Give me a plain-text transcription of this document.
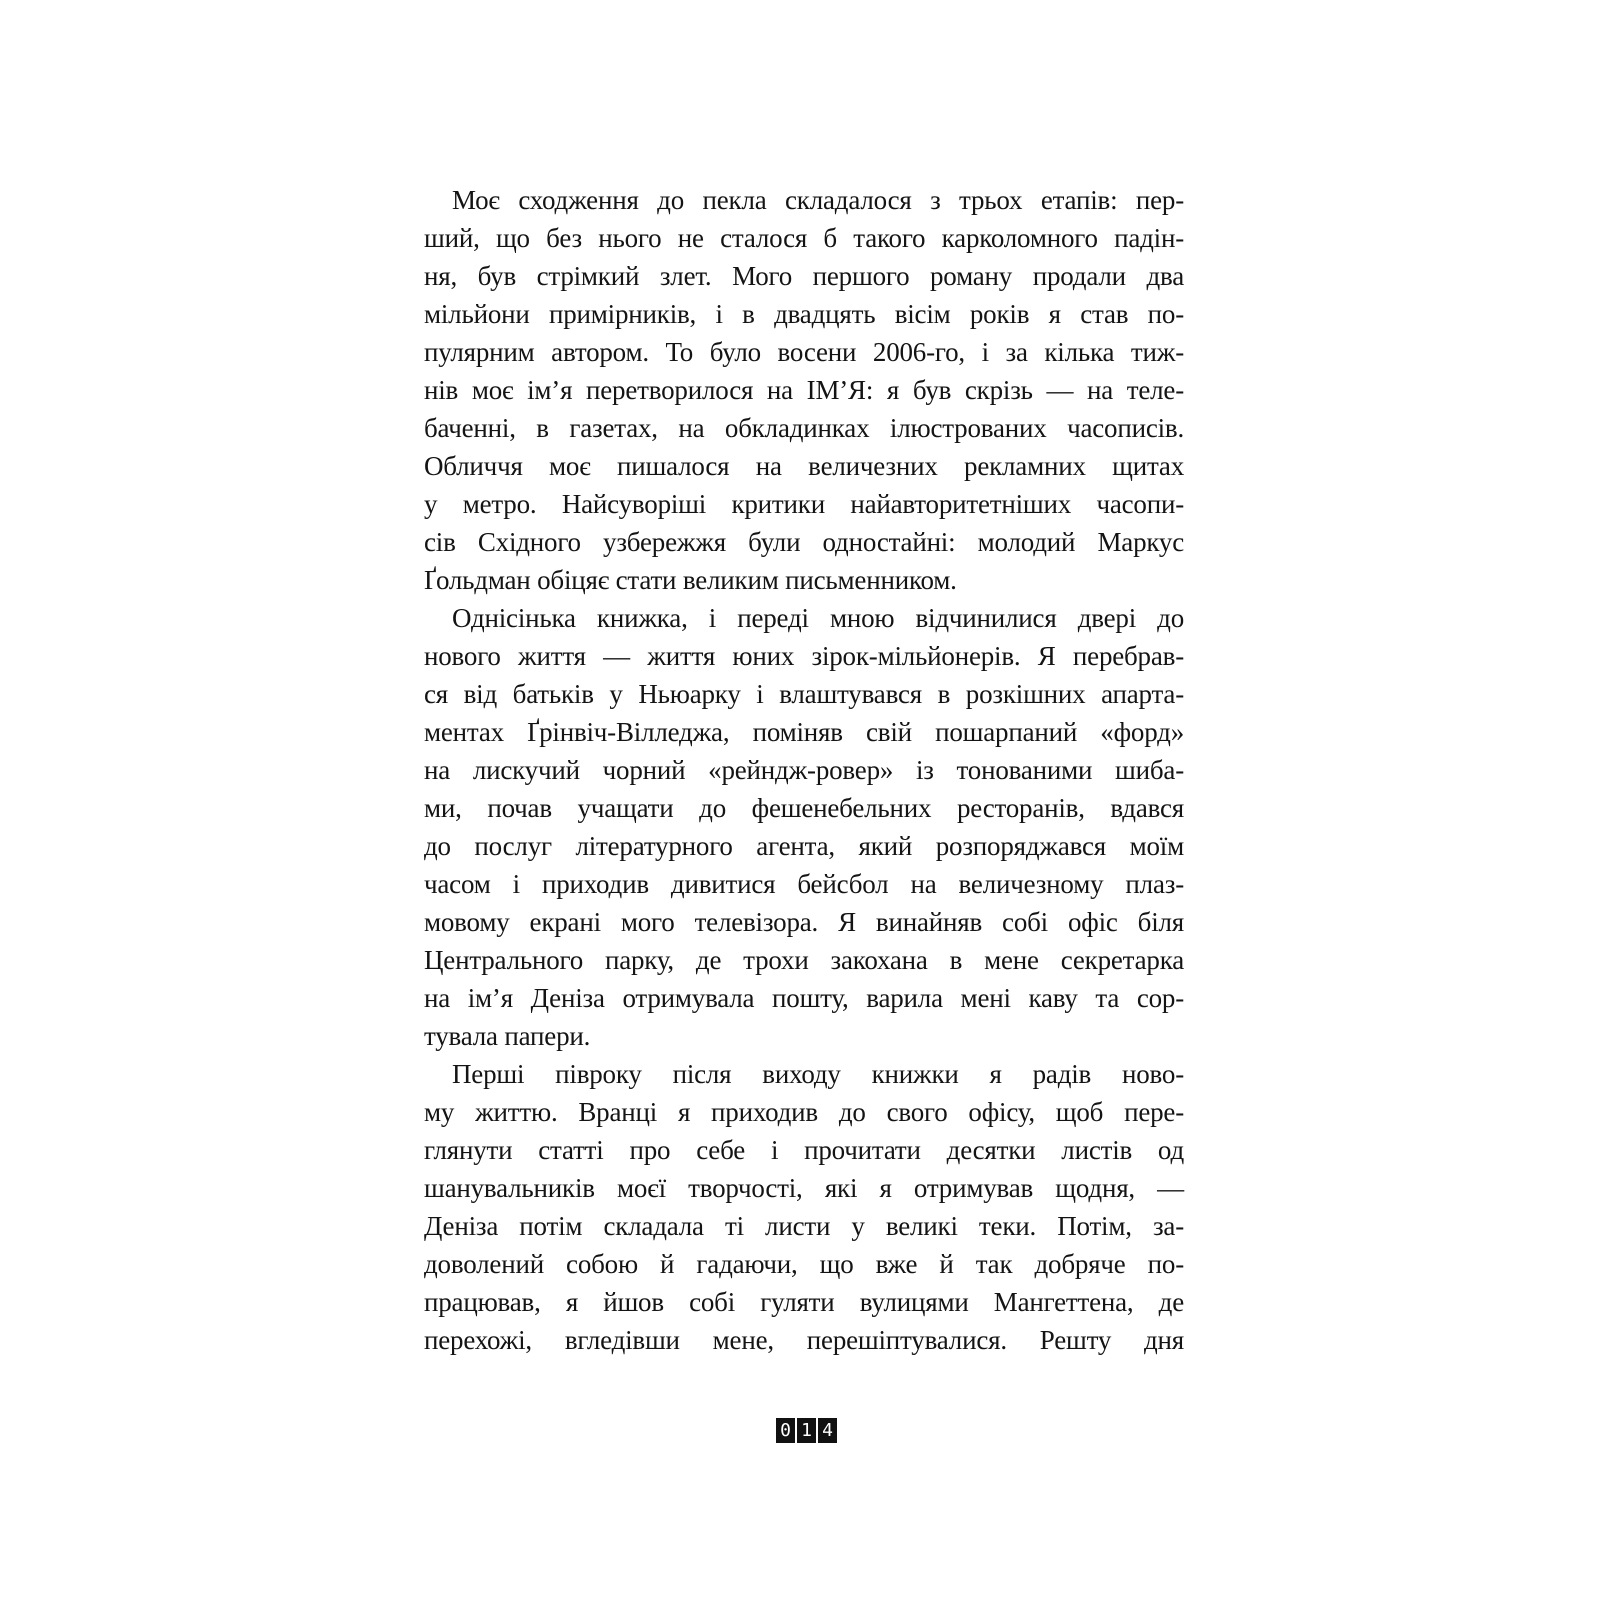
Моє сходження до пекла складалося з трьох етапів: пер-
ший, що без нього не сталося б такого карколомного падін-
ня, був стрімкий злет. Мого першого роману продали два
мільйони примірників, і в двадцять вісім років я став по-
пулярним автором. То було восени 2006-го, і за кілька тиж-
нів моє ім’я перетворилося на ІМ’Я: я був скрізь — на теле-
баченні, в газетах, на обкладинках ілюстрованих часописів.
Обличчя моє пишалося на величезних рекламних щитах
у метро. Найсуворіші критики найавторитетніших часопи-
сів Східного узбережжя були одностайні: молодий Маркус
Ґольдман обіцяє стати великим письменником.
Однісінька книжка, і переді мною відчинилися двері до
нового життя — життя юних зірок-мільйонерів. Я перебрав-
ся від батьків у Ньюарку і влаштувався в розкішних апарта-
ментах Ґрінвіч-Вілледжа, поміняв свій пошарпаний «форд»
на лискучий чорний «рейндж-ровер» із тонованими шиба-
ми, почав учащати до фешенебельних ресторанів, вдався
до послуг літературного агента, який розпоряджався моїм
часом і приходив дивитися бейсбол на величезному плаз-
мовому екрані мого телевізора. Я винайняв собі офіс біля
Центрального парку, де трохи закохана в мене секретарка
на ім’я Деніза отримувала пошту, варила мені каву та сор-
тувала папери.
Перші півроку після виходу книжки я радів ново-
му життю. Вранці я приходив до свого офісу, щоб пере-
глянути статті про себе і прочитати десятки листів од
шанувальників моєї творчості, які я отримував щодня, —
Деніза потім складала ті листи у великі теки. Потім, за-
доволений собою й гадаючи, що вже й так добряче по-
працював, я йшов собі гуляти вулицями Мангеттена, де
перехожі, вгледівши мене, перешіптувалися. Решту дня
0 1 4
